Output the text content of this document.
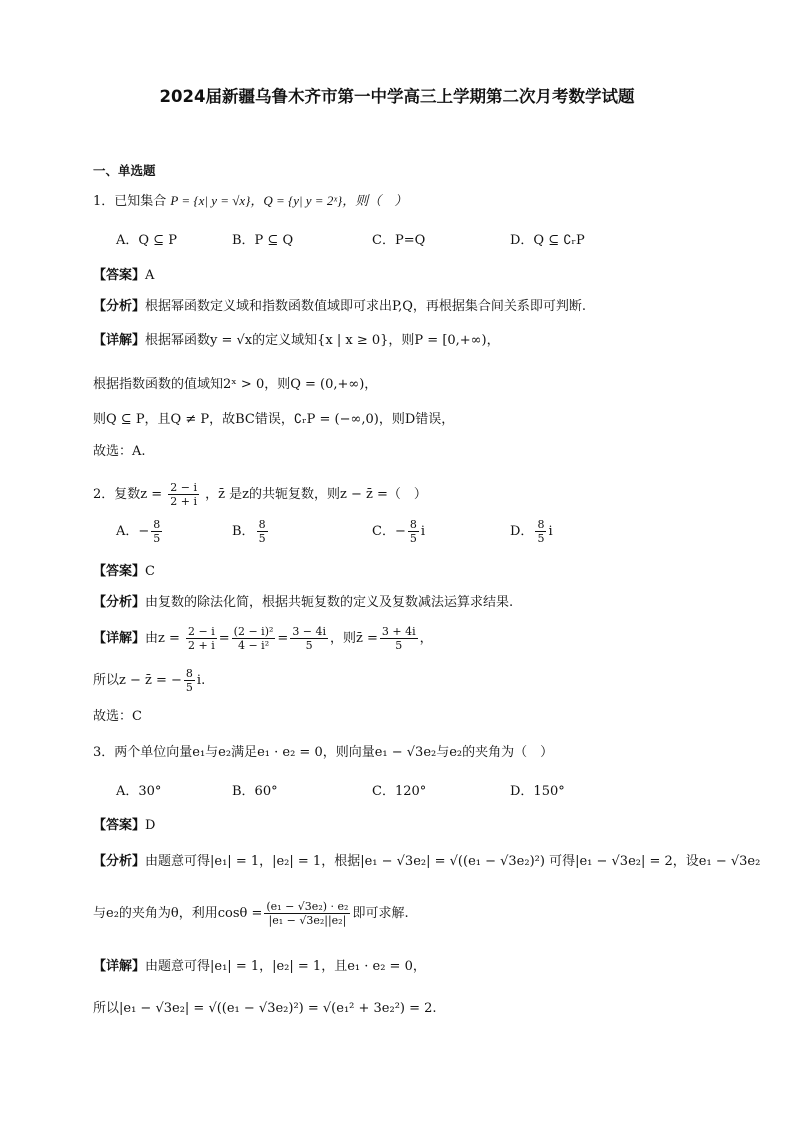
2024届新疆乌鲁木齐市第一中学高三上学期第二次月考数学试题
一、单选题
1．已知集合 P = {x| y = √x}，Q = {y| y = 2ˣ}，则（　）
A．Q ⊆ P	B．P ⊆ Q	C．P=Q	D．Q ⊆ ∁ᵣP
【答案】A
【分析】根据幂函数定义域和指数函数值域即可求出P,Q，再根据集合间关系即可判断.
【详解】根据幂函数y = √x的定义域知{x | x ≥ 0}，则P = [0,+∞)，
根据指数函数的值域知2ˣ > 0，则Q = (0,+∞)，
则Q ⊆ P，且Q ≠ P，故BC错误，∁ᵣP = (−∞,0)，则D错误，
故选：A.
2．复数$z = \frac{2 - i}{2 + i}$ ，z̄ 是z的共轭复数，则z − z̄ =（　）
A．− $\frac{8}{5}$	B． $\frac{8}{5}$	C．− $\frac{8}{5}$ i	D． $\frac{8}{5}$ i
【答案】C
【分析】由复数的除法化简，根据共轭复数的定义及复数减法运算求结果.
【详解】由$z = \frac{2 - i}{2 + i} = \frac{\text{(2 − i)²}}{\text{4 − i²}} = \frac{3 - 4i}{5}$ ，则z̄ = $\frac{3 + 4i}{5}$ ，
所以z − z̄ = − $\frac{8}{5} i$.
故选：C
3．两个单位向量e₁与e₂满足e₁ · e₂ = 0，则向量e₁ − √3e₂与e₂的夹角为（　）
A．30°	B．60°	C．120°	D．150°
【答案】D
【分析】由题意可得|e₁| = 1，|e₂| = 1，根据|e₁ − √3e₂| = √((e₁ − √3e₂)²) 可得|e₁ − √3e₂| = 2，设e₁ − √3e₂
与e₂的夹角为θ，利用$\cos\theta = \frac{\text{(e₁ − √3e₂) · e₂}}{\text{|e₁ − √3e₂||e₂|}}$ 即可求解.
【详解】由题意可得|e₁| = 1，|e₂| = 1，且e₁ · e₂ = 0，
所以|e₁ − √3e₂| = √((e₁ − √3e₂)²) = √(e₁² + 3e₂²) = 2.
